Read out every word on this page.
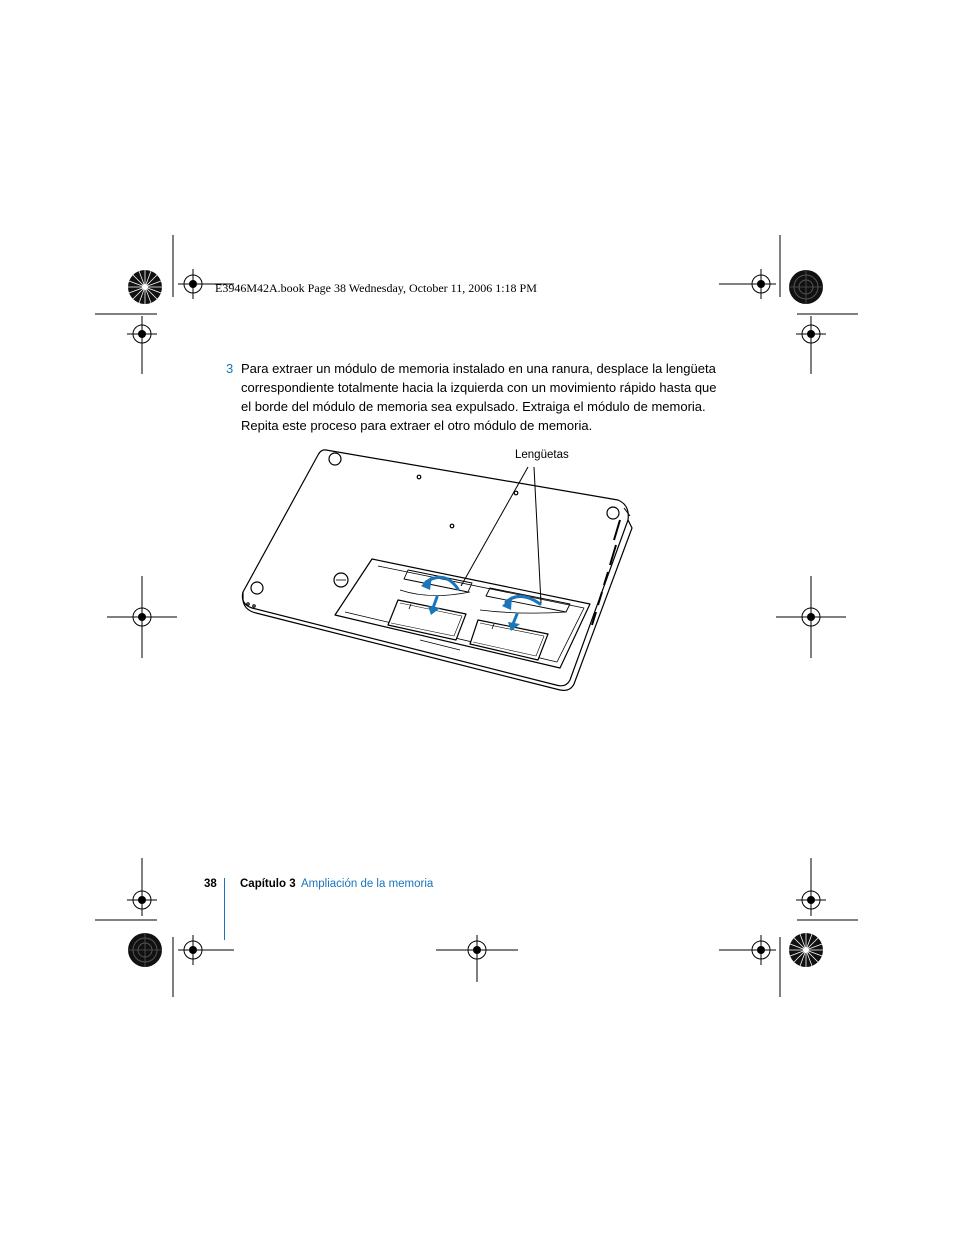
E3946M42A.book Page 38 Wednesday, October 11, 2006 1:18 PM
3 Para extraer un módulo de memoria instalado en una ranura, desplace la lengüeta

correspondiente totalmente hacia la izquierda con un movimiento rápido hasta que

el borde del módulo de memoria sea expulsado. Extraiga el módulo de memoria.

Repita este proceso para extraer el otro módulo de memoria.

Lengüetas
38 Capítulo 3 Ampliación de la memoria
